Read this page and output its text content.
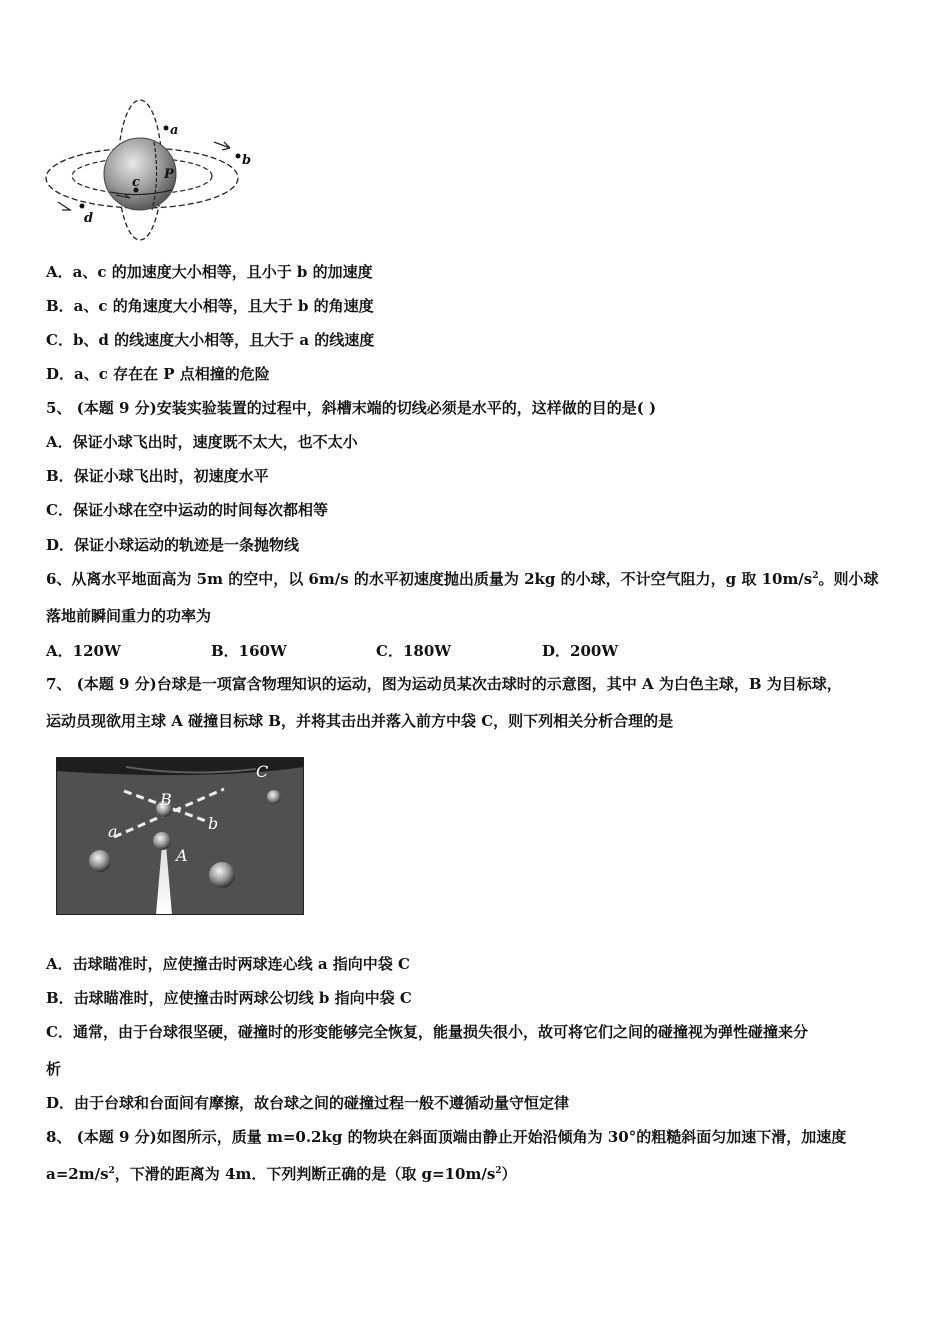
a
b
c
P
d
A．a、c 的加速度大小相等，且小于 b 的加速度
B．a、c 的角速度大小相等，且大于 b 的角速度
C．b、d 的线速度大小相等，且大于 a 的线速度
D．a、c 存在在 P 点相撞的危险
5、 (本题 9 分)安装实验装置的过程中，斜槽末端的切线必须是水平的，这样做的目的是( )
A．保证小球飞出时，速度既不太大，也不太小
B．保证小球飞出时，初速度水平
C．保证小球在空中运动的时间每次都相等
D．保证小球运动的轨迹是一条抛物线
6、从离水平地面高为 5m 的空中，以 6m/s 的水平初速度抛出质量为 2kg 的小球，不计空气阻力，g 取 $10m/s^2$。则小球
落地前瞬间重力的功率为
A．120W	B．160W	C．180W	D．200W
7、 (本题 9 分)台球是一项富含物理知识的运动，图为运动员某次击球时的示意图，其中 A 为白色主球，B 为目标球，
运动员现欲用主球 A 碰撞目标球 B，并将其击出并落入前方中袋 C，则下列相关分析合理的是
B
C
a	b
A
A．击球瞄准时，应使撞击时两球连心线 a 指向中袋 C
B．击球瞄准时，应使撞击时两球公切线 b 指向中袋 C
C．通常，由于台球很坚硬，碰撞时的形变能够完全恢复，能量损失很小，故可将它们之间的碰撞视为弹性碰撞来分
析
D．由于台球和台面间有摩擦，故台球之间的碰撞过程一般不遵循动量守恒定律
8、 (本题 9 分)如图所示，质量 m=0.2kg 的物块在斜面顶端由静止开始沿倾角为 30°的粗糙斜面匀加速下滑，加速度
$a=2m/s^2$，下滑的距离为 4m．下列判断正确的是（取 $g=10m/s^2$）
